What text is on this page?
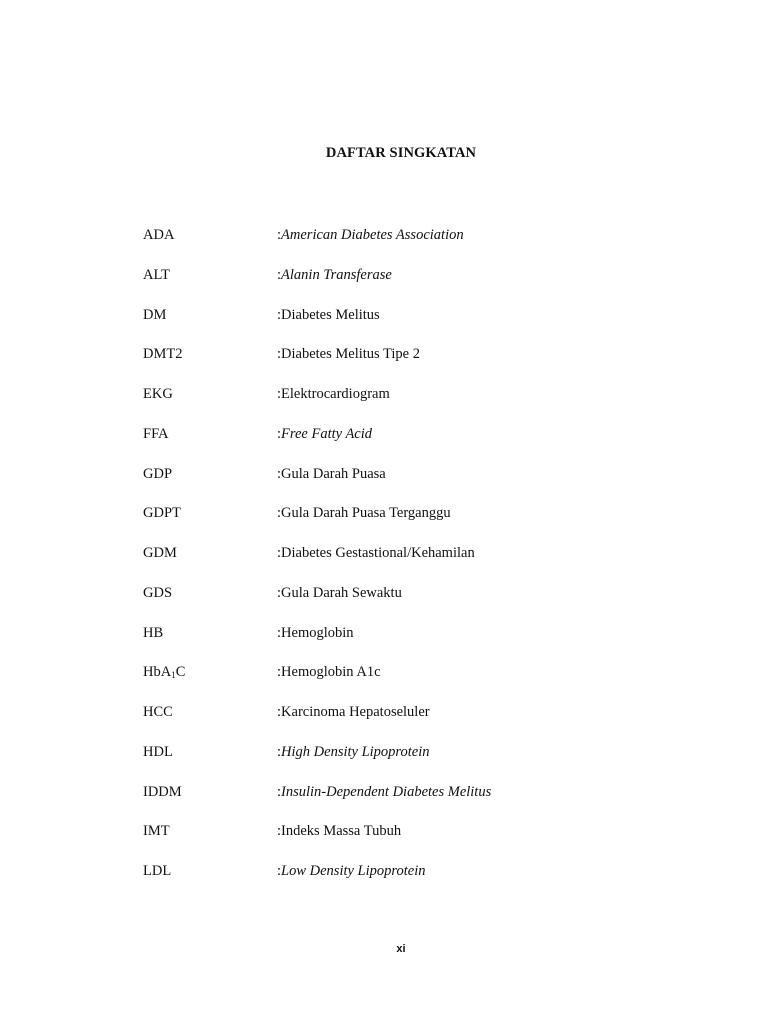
DAFTAR SINGKATAN
ADA	:American Diabetes Association
ALT	:Alanin Transferase
DM	:Diabetes Melitus
DMT2	:Diabetes Melitus Tipe 2
EKG	:Elektrocardiogram
FFA	:Free Fatty Acid
GDP	:Gula Darah Puasa
GDPT	:Gula Darah Puasa Terganggu
GDM	:Diabetes Gestastional/Kehamilan
GDS	:Gula Darah Sewaktu
HB	:Hemoglobin
HbA$_1$C	:Hemoglobin A1c
HCC	:Karcinoma Hepatoseluler
HDL	:High Density Lipoprotein
IDDM	:Insulin-Dependent Diabetes Melitus
IMT	:Indeks Massa Tubuh
LDL	:Low Density Lipoprotein
xi
